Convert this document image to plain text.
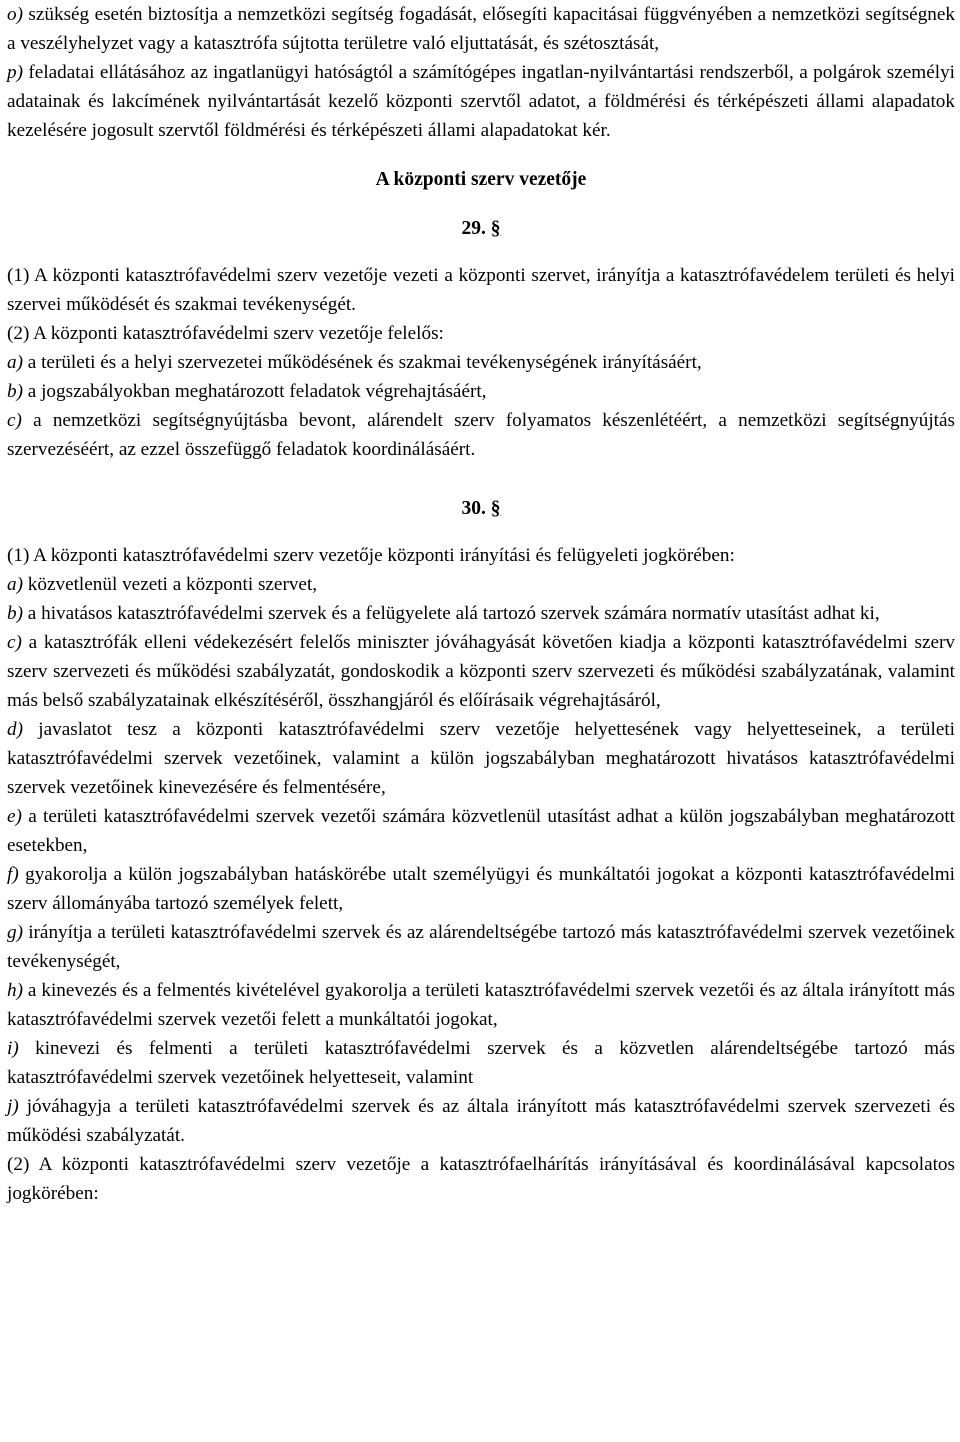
o) szükség esetén biztosítja a nemzetközi segítség fogadását, elősegíti kapacitásai függvényében a nemzetközi segítségnek a veszélyhelyzet vagy a katasztrófa sújtotta területre való eljuttatását, és szétosztását,

p) feladatai ellátásához az ingatlanügyi hatóságtól a számítógépes ingatlan-nyilvántartási rendszerből, a polgárok személyi adatainak és lakcímének nyilvántartását kezelő központi szervtől adatot, a földmérési és térképészeti állami alapadatok kezelésére jogosult szervtől földmérési és térképészeti állami alapadatokat kér.

A központi szerv vezetője

29. §

(1) A központi katasztrófavédelmi szerv vezetője vezeti a központi szervet, irányítja a katasztrófavédelem területi és helyi szervei működését és szakmai tevékenységét.

(2) A központi katasztrófavédelmi szerv vezetője felelős:

a) a területi és a helyi szervezetei működésének és szakmai tevékenységének irányításáért,

b) a jogszabályokban meghatározott feladatok végrehajtásáért,

c) a nemzetközi segítségnyújtásba bevont, alárendelt szerv folyamatos készenlétéért, a nemzetközi segítségnyújtás szervezéséért, az ezzel összefüggő feladatok koordinálásáért.

30. §

(1) A központi katasztrófavédelmi szerv vezetője központi irányítási és felügyeleti jogkörében:

a) közvetlenül vezeti a központi szervet,

b) a hivatásos katasztrófavédelmi szervek és a felügyelete alá tartozó szervek számára normatív utasítást adhat ki,

c) a katasztrófák elleni védekezésért felelős miniszter jóváhagyását követően kiadja a központi katasztrófavédelmi szerv szerv szervezeti és működési szabályzatát, gondoskodik a központi szerv szervezeti és működési szabályzatának, valamint más belső szabályzatainak elkészítéséről, összhangjáról és előírásaik végrehajtásáról,

d) javaslatot tesz a központi katasztrófavédelmi szerv vezetője helyettesének vagy helyetteseinek, a területi katasztrófavédelmi szervek vezetőinek, valamint a külön jogszabályban meghatározott hivatásos katasztrófavédelmi szervek vezetőinek kinevezésére és felmentésére,

e) a területi katasztrófavédelmi szervek vezetői számára közvetlenül utasítást adhat a külön jogszabályban meghatározott esetekben,

f) gyakorolja a külön jogszabályban hatáskörébe utalt személyügyi és munkáltatói jogokat a központi katasztrófavédelmi szerv állományába tartozó személyek felett,

g) irányítja a területi katasztrófavédelmi szervek és az alárendeltségébe tartozó más katasztrófavédelmi szervek vezetőinek tevékenységét,

h) a kinevezés és a felmentés kivételével gyakorolja a területi katasztrófavédelmi szervek vezetői és az általa irányított más katasztrófavédelmi szervek vezetői felett a munkáltatói jogokat,

i) kinevezi és felmenti a területi katasztrófavédelmi szervek és a közvetlen alárendeltségébe tartozó más katasztrófavédelmi szervek vezetőinek helyetteseit, valamint

j) jóváhagyja a területi katasztrófavédelmi szervek és az általa irányított más katasztrófavédelmi szervek szervezeti és működési szabályzatát.

(2) A központi katasztrófavédelmi szerv vezetője a katasztrófaelhárítás irányításával és koordinálásával kapcsolatos jogkörében:
